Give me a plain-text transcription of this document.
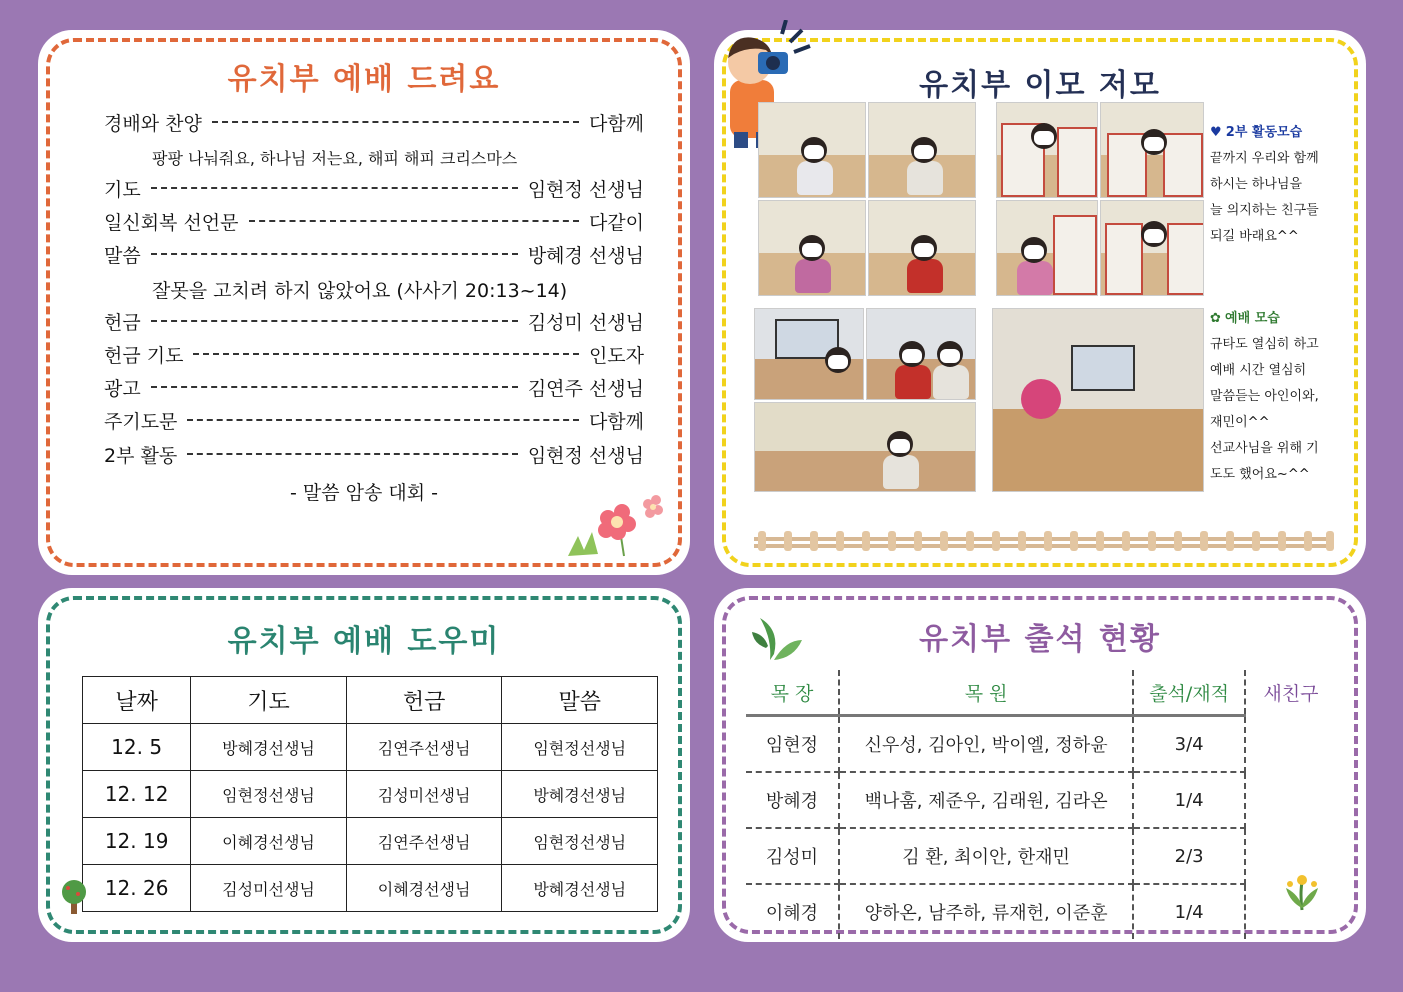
유치부 예배 드려요
경배와 찬양	다함께
팡팡 나눠줘요, 하나님 저는요, 해피 해피 크리스마스
기도	임현정 선생님
일신회복 선언문	다같이
말씀	방혜경 선생님
잘못을 고치려 하지 않았어요 (사사기 20:13~14)
헌금	김성미 선생님
헌금 기도	인도자
광고	김연주 선생님
주기도문	다함께
2부 활동	임현정 선생님
- 말씀 암송 대회 -
유치부 이모 저모
♥ 2부 활동모습
끝까지 우리와 함께
하시는 하나님을
늘 의지하는 친구들
되길 바래요^^
✿ 예배 모습
규타도 열심히 하고
예배 시간 열심히
말씀듣는 아인이와,
재민이^^
선교사님을 위해 기
도도 했어요~^^
유치부 예배 도우미
날짜	기도	헌금	말씀
12. 5	방혜경선생님	김연주선생님	임현정선생님
12. 12	임현정선생님	김성미선생님	방혜경선생님
12. 19	이혜경선생님	김연주선생님	임현정선생님
12. 26	김성미선생님	이혜경선생님	방혜경선생님
유치부 출석 현황
목 장	목 원	출석/재적	새친구
임현정	신우성, 김아인, 박이엘, 정하윤	3/4	
방혜경	백나훔, 제준우, 김래원, 김라온	1/4	
김성미	김 환, 최이안, 한재민	2/3	
이혜경	양하온, 남주하, 류재헌, 이준훈	1/4	
